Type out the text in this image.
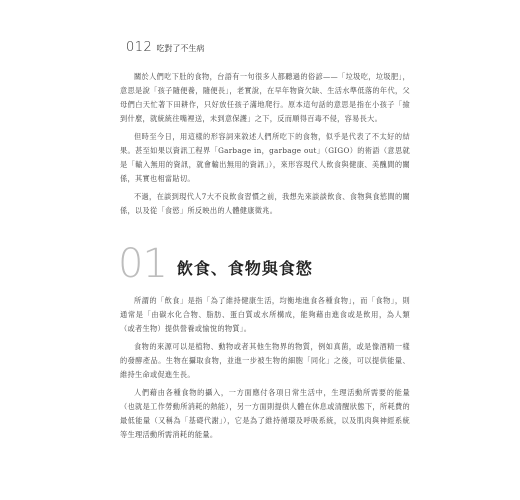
012 吃對了不生病

關於人們吃下肚的食物，台語有一句很多人都聽過的俗諺——「垃圾吃，垃圾肥」，意思是說「孩子隨便養，隨便長」，老實說，在早年物資欠缺、生活水準低落的年代，父母們白天忙著下田耕作，只好放任孩子滿地爬行。原本這句話的意思是指在小孩子「撿到什麼，就統統往嘴裡送，未到意保護」之下，反而順得百毒不侵，容易長大。

但時至今日，用這樣的形容詞來敘述人們所吃下的食物，似乎是代表了不太好的結果。甚至如果以資訊工程界「Garbage in，garbage out」（GIGO）的術語（意思就是「輸入無用的資訊，就會輸出無用的資訊」），來形容現代人飲食與健康、美醜間的關係，其實也相當貼切。

不過，在談到現代人7大不良飲食習慣之前，我想先來談談飲食、食物與食慾間的關係，以及從「食慾」所反映出的人體健康徵兆。

01 飲食、食物與食慾

所謂的「飲食」是指「為了維持健康生活，均衡地進食各種食物」，而「食物」，則通常是「由碳水化合物、脂肪、蛋白質或水所構成，能夠藉由進食或是飲用，為人類（或者生物）提供營養或愉悅的物質」。

食物的來源可以是植物、動物或者其他生物界的物質，例如真菌，或是像酒精一樣的發酵產品。生物在攝取食物，並進一步被生物的細胞「同化」之後，可以提供能量、維持生命或促進生長。

人們藉由各種食物的攝入，一方面應付各項日常生活中，生理活動所需要的能量（也就是工作勞動所消耗的熱能），另一方面則提供人體在休息或清醒狀態下，所耗費的最低能量（又稱為「基礎代謝」），它是為了維持循環及呼吸系統，以及肌肉與神經系統等生理活動所需消耗的能量。
